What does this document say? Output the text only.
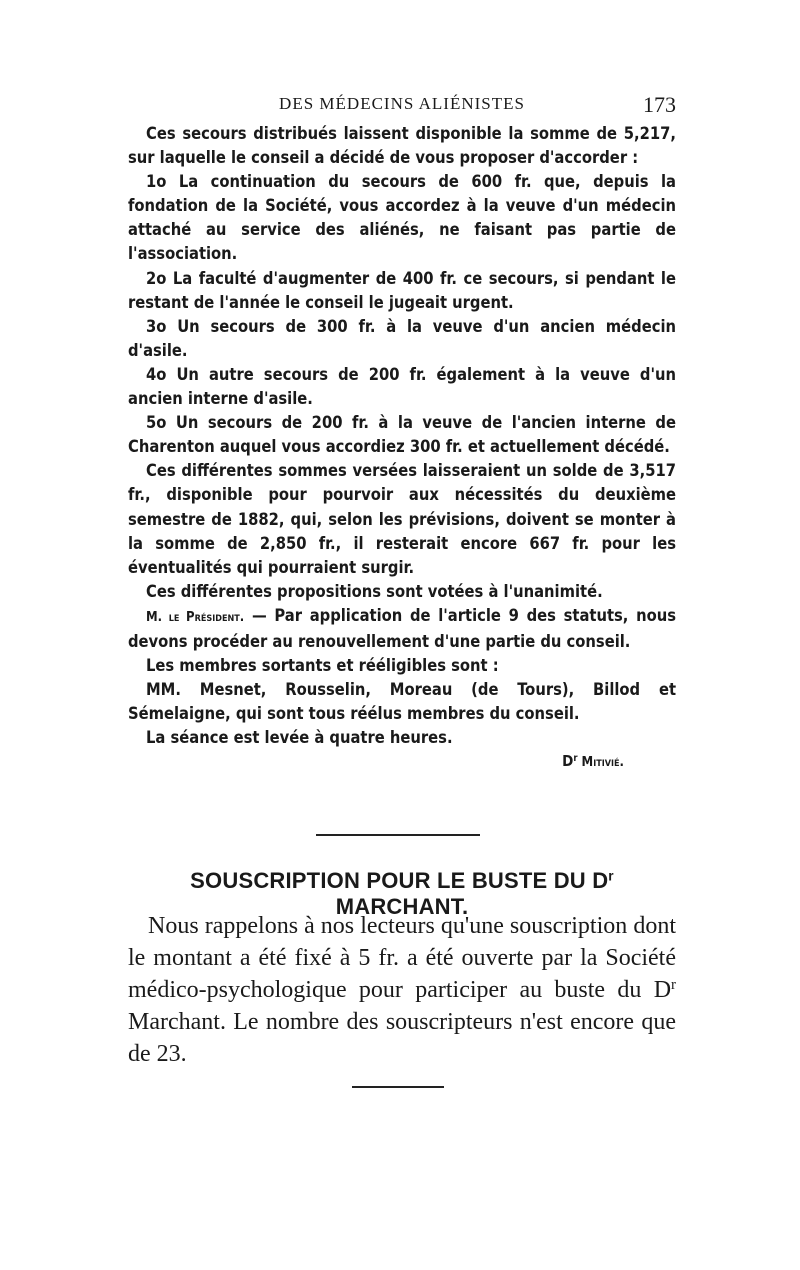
DES MÉDECINS ALIÉNISTES	173

Ces secours distribués laissent disponible la somme de 5,217, sur laquelle le conseil a décidé de vous proposer d'accorder :

1o La continuation du secours de 600 fr. que, depuis la fondation de la Société, vous accordez à la veuve d'un médecin attaché au service des aliénés, ne faisant pas partie de l'association.

2o La faculté d'augmenter de 400 fr. ce secours, si pendant le restant de l'année le conseil le jugeait urgent.

3o Un secours de 300 fr. à la veuve d'un ancien médecin d'asile.

4o Un autre secours de 200 fr. également à la veuve d'un ancien interne d'asile.

5o Un secours de 200 fr. à la veuve de l'ancien interne de Charenton auquel vous accordiez 300 fr. et actuellement décédé.

Ces différentes sommes versées laisseraient un solde de 3,517 fr., disponible pour pourvoir aux nécessités du deuxième semestre de 1882, qui, selon les prévisions, doivent se monter à la somme de 2,850 fr., il resterait encore 667 fr. pour les éventualités qui pourraient surgir.

Ces différentes propositions sont votées à l'unanimité.

M. le Président. — Par application de l'article 9 des statuts, nous devons procéder au renouvellement d'une partie du conseil.

Les membres sortants et rééligibles sont :

MM. Mesnet, Rousselin, Moreau (de Tours), Billod et Sémelaigne, qui sont tous réélus membres du conseil.

La séance est levée à quatre heures.

$D^r$ Mitivié.
SOUSCRIPTION POUR LE BUSTE DU $D^r$ MARCHANT.

Nous rappelons à nos lecteurs qu'une souscription dont le montant a été fixé à 5 fr. a été ouverte par la Société médico-psychologique pour participer au buste du $D^r$ Marchant. Le nombre des souscripteurs n'est encore que de 23.
